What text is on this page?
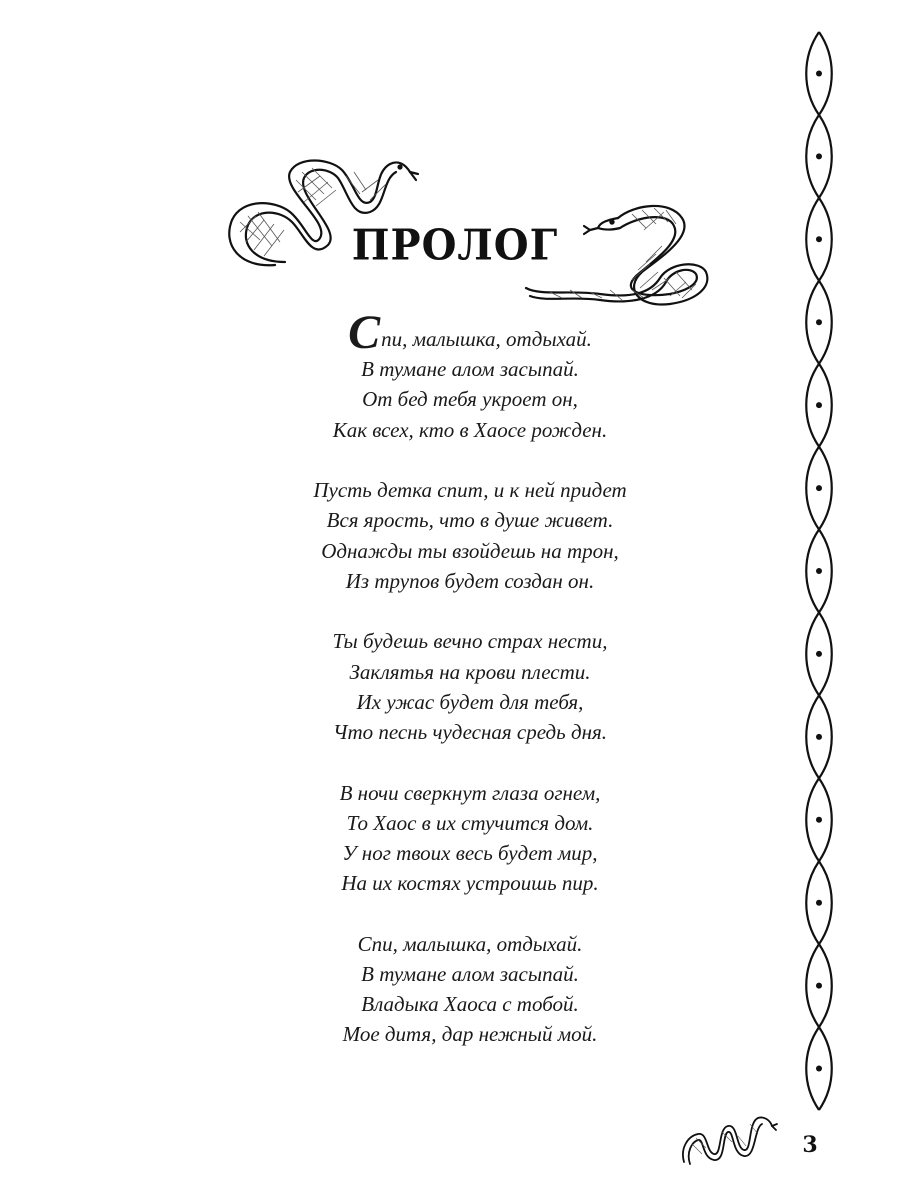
ПРОЛОГ
Спи, малышка, отдыхай.
В тумане алом засыпай.
От бед тебя укроет он,
Как всех, кто в Хаосе рожден.
Пусть детка спит, и к ней придет
Вся ярость, что в душе живет.
Однажды ты взойдешь на трон,
Из трупов будет создан он.
Ты будешь вечно страх нести,
Заклятья на крови плести.
Их ужас будет для тебя,
Что песнь чудесная средь дня.
В ночи сверкнут глаза огнем,
То Хаос в их стучится дом.
У ног твоих весь будет мир,
На их костях устроишь пир.
Спи, малышка, отдыхай.
В тумане алом засыпай.
Владыка Хаоса с тобой.
Мое дитя, дар нежный мой.
3
